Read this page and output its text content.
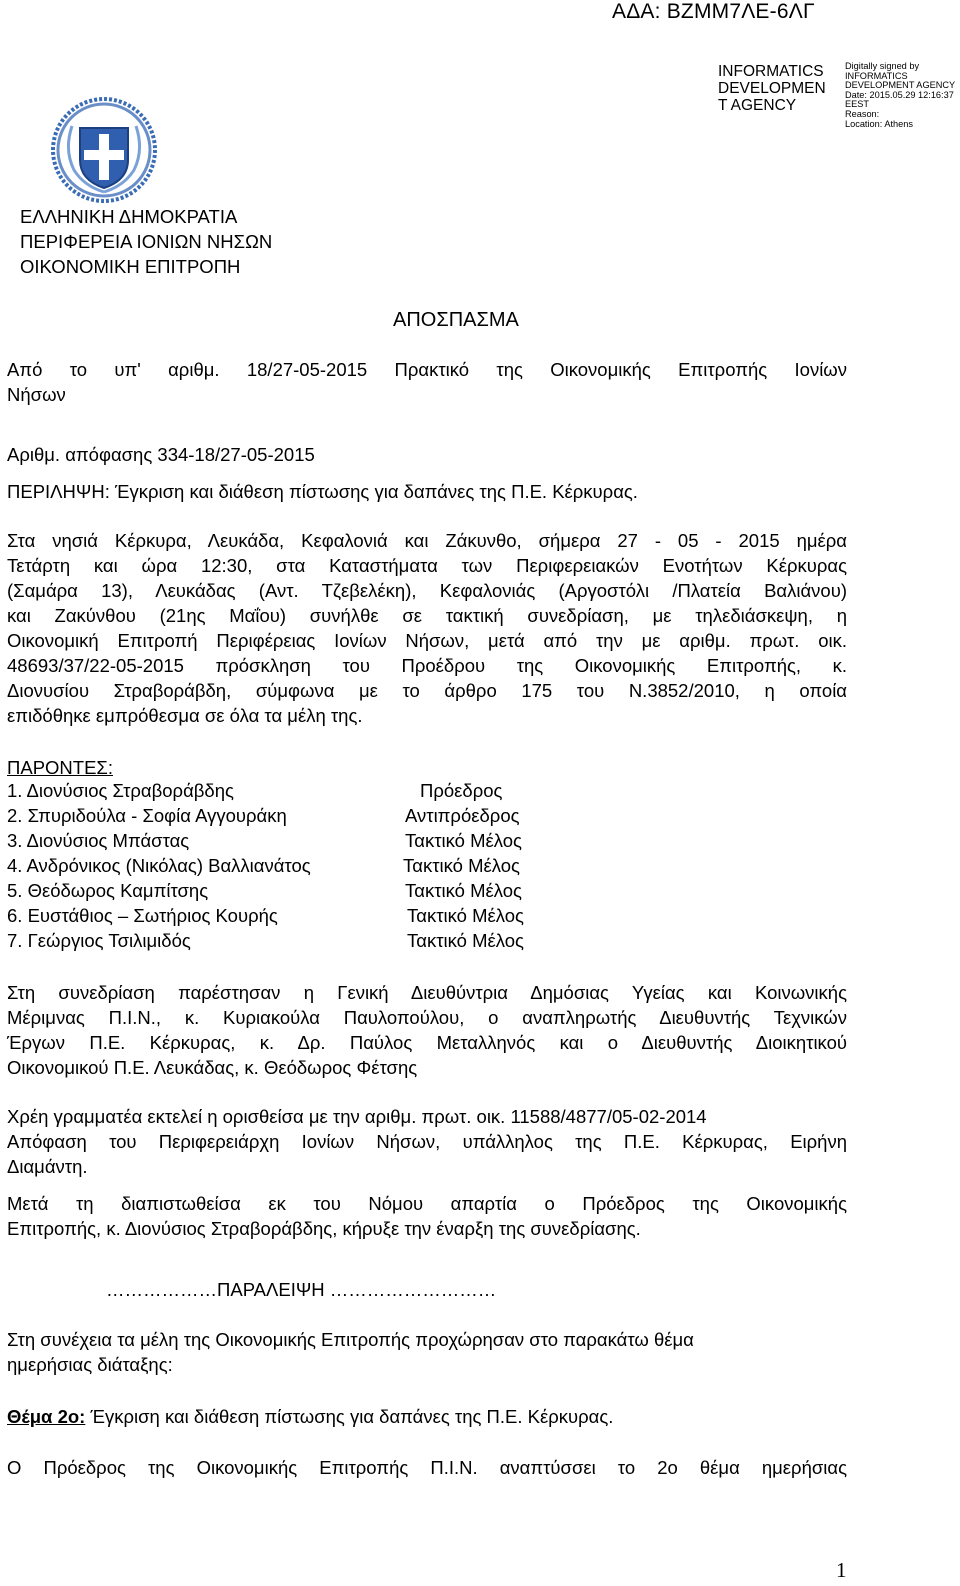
ΑΔΑ: ΒΖΜΜ7ΛΕ-6ΛΓ
INFORMATICS
DEVELOPMEN
T AGENCY
Digitally signed by
INFORMATICS
DEVELOPMENT AGENCY
Date: 2015.05.29 12:16:37
EEST
Reason:
Location: Athens
ΕΛΛΗΝΙΚΗ ΔΗΜΟΚΡΑΤΙΑ
ΠΕΡΙΦΕΡΕΙΑ ΙΟΝΙΩΝ ΝΗΣΩΝ
ΟΙΚΟΝΟΜΙΚΗ ΕΠΙΤΡΟΠΗ
ΑΠΟΣΠΑΣΜΑ
Από το υπ' αριθμ. 18/27-05-2015 Πρακτικό της Οικονομικής Επιτροπής Ιονίων
Νήσων
Αριθμ. απόφασης 334-18/27-05-2015
ΠΕΡΙΛΗΨΗ: Έγκριση και διάθεση πίστωσης για δαπάνες της Π.Ε. Κέρκυρας.
Στα νησιά Κέρκυρα, Λευκάδα, Κεφαλονιά και Ζάκυνθο, σήμερα 27 - 05 - 2015 ημέρα
Τετάρτη και ώρα 12:30, στα Καταστήματα των Περιφερειακών Ενοτήτων Κέρκυρας
(Σαμάρα 13), Λευκάδας (Αντ. Τζεβελέκη), Κεφαλονιάς (Αργοστόλι /Πλατεία Βαλιάνου)
και Ζακύνθου (21ης Μαΐου) συνήλθε σε τακτική συνεδρίαση, με τηλεδιάσκεψη, η
Οικονομική Επιτροπή Περιφέρειας Ιονίων Νήσων, μετά από την με αριθμ. πρωτ. οικ.
48693/37/22-05-2015 πρόσκληση του Προέδρου της Οικονομικής Επιτροπής, κ.
Διονυσίου Στραβοράβδη, σύμφωνα με το άρθρο 175 του Ν.3852/2010, η οποία
επιδόθηκε εμπρόθεσμα σε όλα τα μέλη της.
ΠΑΡΟΝΤΕΣ:
1. Διονύσιος Στραβοράβδης	Πρόεδρος
2. Σπυριδούλα - Σοφία Αγγουράκη	Αντιπρόεδρος
3. Διονύσιος Μπάστας	Τακτικό Μέλος
4. Ανδρόνικος (Νικόλας) Βαλλιανάτος	Τακτικό Μέλος
5. Θεόδωρος Καμπίτσης	Τακτικό Μέλος
6. Ευστάθιος – Σωτήριος Κουρής	Τακτικό Μέλος
7. Γεώργιος Τσιλιμιδός	Τακτικό Μέλος
Στη συνεδρίαση παρέστησαν η Γενική Διευθύντρια Δημόσιας Υγείας και Κοινωνικής
Μέριμνας Π.Ι.Ν., κ. Κυριακούλα Παυλοπούλου, ο αναπληρωτής Διευθυντής Τεχνικών
Έργων Π.Ε. Κέρκυρας, κ. Δρ. Παύλος Μεταλληνός και ο Διευθυντής Διοικητικού
Οικονομικού Π.Ε. Λευκάδας, κ. Θεόδωρος Φέτσης
Χρέη γραμματέα εκτελεί η ορισθείσα με την αριθμ. πρωτ. οικ. 11588/4877/05-02-2014
Απόφαση του Περιφερειάρχη Ιονίων Νήσων, υπάλληλος της Π.Ε. Κέρκυρας, Ειρήνη
Διαμάντη.
Μετά τη διαπιστωθείσα εκ του Νόμου απαρτία ο Πρόεδρος της Οικονομικής
Επιτροπής, κ. Διονύσιος Στραβοράβδης, κήρυξε την έναρξη της συνεδρίασης.
………………ΠΑΡΑΛΕΙΨΗ ………………………
Στη συνέχεια τα μέλη της Οικονομικής Επιτροπής προχώρησαν στο παρακάτω θέμα
ημερήσιας διάταξης:
Θέμα 2ο: Έγκριση και διάθεση πίστωσης για δαπάνες της Π.Ε. Κέρκυρας.
Ο Πρόεδρος της Οικονομικής Επιτροπής Π.Ι.Ν. αναπτύσσει το 2ο θέμα ημερήσιας
1
